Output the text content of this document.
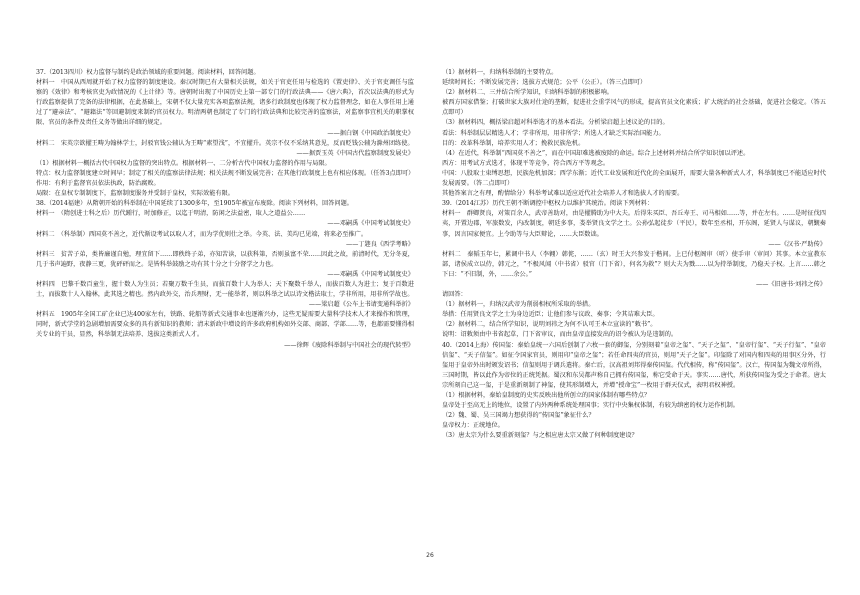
37.（2013四川）权力监督与制约是政治领域的重要问题。阅读材料，回答问题。

材料一　中国从西周就开始了权力监督的制度建设。秦汉时期已有大量相关法规，如关于官吏任用与检选的《置吏律》、关于官吏调任与监察的《效律》和考核官吏为政情况的《上计律》等。唐朝时出现了中国历史上第一部专门的行政法典——《唐六典》，首次以法典的形式为行政监察提供了完备的法律根据，在此基础上，宋朝不仅大量充实各项监察法规，诸多行政制度也体现了权力监督理念，如在人事任用上通过了“避亲法”、“避籍法”等回避制度来制约官员权力。明清两朝也制定了专门的行政法典和比较完善的监察法，对监察事宜机关的职掌权限、官员的条件及责任义务等做出详细的规定。

——据白钢《中国政治制度史》

材料二　宋英宗欲擢王畴为翰林学士，封驳官钱公辅认为王畴“素望浅”，不宜擢升。英宗不仅不采纳其意见，反而贬钱公辅为滁州团练使。

——据贾玉英《中国古代监察制度发展史》

（1）根据材料一概括古代中国权力监督的突出特点。根据材料一、二分析古代中国权力监督的作用与局限。

特点：权力监督制度建立时间早；制定了相关的监察法律法规；相关法规不断发展完善；在其他行政制度上也有相应体现。（任答3点即可）

作用：有利于监督官员依法执政，防治腐败。

局限：在皇权专制制度下，监察制度服务并受制于皇权，实际效能有限。

38.（2014福建）从隋朝开始的科举制在中国延续了1300多年，至1905年被宣布废除。阅读下列材料，回答问题。

材料一　（隋创进士科之后）历代踵行，时加修正，以迄于明清，防闲之法益密，取人之道益公……

——邓嗣禹《中国考试制度史》

材料二　（科举制）西国莫不善之，近代渐设考试以取人才，而为学优则仕之举。今英、法、美均已见端，将来必至推广。

——丁韪良《西学考略》

材料三　贫苦子弟，类皆廉谨自勉，理宜留下……即秩终子弟，亦知苦读，以获科第，否则虽富不荣……因此之故，前清时代，无分冬夏，几于书声遍野，夜静三更，犹砰砰而之。是皆科举鼓励之功有其十分之十分督学之力也。

——邓嗣禹《中国考试制度史》

材料四　巴黎千数百童生，握十数人为生员；若聚万数千生员，而拔百数十人为举人；天下聚数千举人，而拔百数人为进士；复于百数进士，而拔数十人入翰林，此其选之精也。然内政外交，治兵理财，无一能举者，则以科举之试以诗文楷法取士，学非所用，用非所学故也。

——梁启超《公车上书请变通科举折》

材料五　1905年全国工矿企业已达400家左右，铁路、轮船等新式交通事业也逐渐兴办，这些无疑需要大量科学技术人才来操作和管理，同时，新式学堂的急剧增加需要众多的具有新知识的教师；清末新政中增设的许多政府机构如外交部、商部、学部……等，也都需要懂得相关专业的干员，显然，科举制无法培养、选拔这类新式人才。

——徐辉《废除科举制与中国社会的现代转型》

（1）据材料一，归纳科举制的主要特点。

延续时间长；不断发展完善；选拔方式规范；公平（公正）。（答三点即可）

（2）据材料二、三并结合所学知识，归纳科举制的积极影响。

被西方国家借鉴；打破世家大族对仕途的垄断，促进社会重学风气的形成，提高官员文化素质；扩大统治的社会基础，促进社会稳定。（答五点即可）

（3）据材料四，概括梁启超对科举选才的基本看法。分析梁启超上述议论的目的。

看法：科举制层层精选人才；学非所用，用非所学；所选人才缺乏实际治国能力。

目的：改革科举制，培养实用人才；挽救民族危机。

（4）在近代，科举制“西国莫不善之”，而在中国却难逃被废除的命运。综合上述材料并结合所学知识加以评述。

西方：用考试方式选才，体现平等竞争，符合西方平等观念。

中国：八股取士束缚思想，民族危机加深；西学东渐；近代工业发展和近代化的全面展开，需要大量各种新式人才，科举制度已不能适应时代发展需要。（答二点即可）

其他答案言之有理，酌情给分）科举考试难以适应近代社会培养人才和选拔人才的需要。

39.（2014江苏）历代王朝不断调控中枢权力以维护其统治。阅读下列材料：

材料一　群卿贤良，对策百余人，武帝善助对，由是擢腾助为中大夫。后得朱买臣、吾丘寿王、司马相如……等，并在左右。……是时征伐四夷，开置边郡，军旅数发，内改制度，朝廷多事，娄举贤良文学之士。公孙弘起徒步（平民），数年至丞相，开东阁，延贤人与谋议，朝觐奏事，因言国家便宜。上令助等与大臣辩论，……大臣数诎。

——《汉书·严助传》

材料二　秦韬玉年七，累调中书人（李翱）韩侂，……（玄）时王大兴参发于楷间。上已付枢阁审（听）使手审（审问）其事。本立宣教东部，诸侯成立以侍，韩元之，“不极风闻（中书省）驳官（门下省），何名为救”？则大夫为戮……以为持举制度，乃稳天子权。上言……韩之下曰：“不旧制，外，……余公。”

——《旧唐书·刘祎之传》

请回答：

（1）据材料一，归纳汉武帝为削弱相权所采取的举措。

举措：任用贤良文学之士为身边近臣；让他们参与议政、奏事；令其诘难大臣。

（2）据材料二，结合所学知识，说明刘祎之为何不认可王本立宣读的“敕书”。

说明：诏敕须由中书省起草，门下省审议，而由皇帝直接发出的诏令被认为是违制的。

40.（2014上海）传国玺：秦始皇统一六国后创制了六枚一套的御玺，分别刻着“皇帝之玺”、“天子之玺”、“皇帝行玺”、“天子行玺”、“皇帝信玺”、“天子信玺”。如征令国家官员，则用印“皇帝之玺”；若任命四夷的官员，则用“天子之玺”。印玺除了对国内和四夷的用事区分外，行玺用于皇帝外出时颁发诏书；信玺则用于调兵遣将。秦亡后，汉高祖刘邦得秦传国玺。代代相传，称“传国玺”。汉亡，传国玺为魏文帝所得，三国时期，皆以此作为帝位的正统凭据。蜀汉和东吴都声称自己拥有传国玺，称它受命于天。事实……唐代，所获传国玺为受之于命者。唐太宗所刻自己这一玺，于是重新刻制了神玺，使其形制增大，并增“授命宝”一枚用于群天仪式，表明君权神授。

（1）根据材料，秦始皇制度的史实反映出他所创立的国家体制有哪些特点？

皇帝处于至高无上的地位，设置了内外两种系统处理国事；实行中央集权体制，有较为缜密的权力运作机制。

（2）魏、蜀、吴三国竭力想获得的“传国玺”象征什么？

皇帝权力：正统地位。

（3）唐太宗为什么要重新刻玺？与之相应唐太宗又做了何种制度建设？

26
